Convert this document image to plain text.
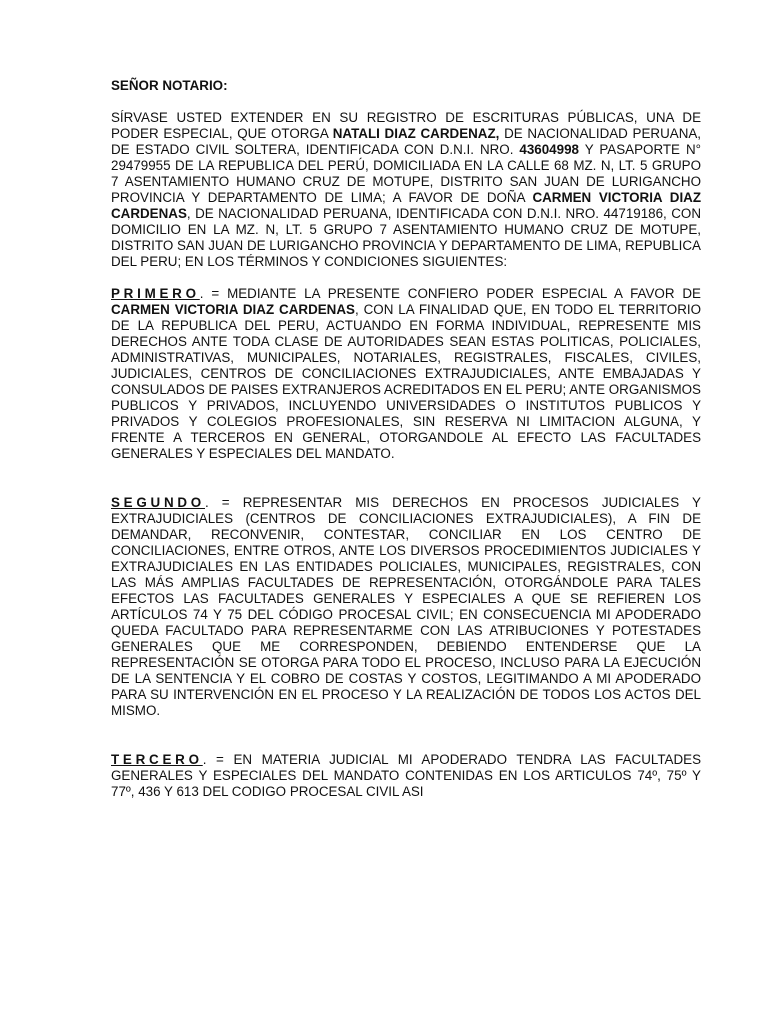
SEÑOR NOTARIO:

SÍRVASE USTED EXTENDER EN SU REGISTRO DE ESCRITURAS PÚBLICAS, UNA DE PODER ESPECIAL, QUE OTORGA NATALI DIAZ CARDENAZ, DE NACIONALIDAD PERUANA, DE ESTADO CIVIL SOLTERA, IDENTIFICADA CON D.N.I. NRO. 43604998 Y PASAPORTE N° 29479955 DE LA REPUBLICA DEL PERÚ, DOMICILIADA EN LA CALLE 68 MZ. N, LT. 5 GRUPO 7 ASENTAMIENTO HUMANO CRUZ DE MOTUPE, DISTRITO SAN JUAN DE LURIGANCHO PROVINCIA Y DEPARTAMENTO DE LIMA; A FAVOR DE DOÑA CARMEN VICTORIA DIAZ CARDENAS, DE NACIONALIDAD PERUANA, IDENTIFICADA CON D.N.I. NRO. 44719186, CON DOMICILIO EN LA MZ. N, LT. 5 GRUPO 7 ASENTAMIENTO HUMANO CRUZ DE MOTUPE, DISTRITO SAN JUAN DE LURIGANCHO PROVINCIA Y DEPARTAMENTO DE LIMA, REPUBLICA DEL PERU; EN LOS TÉRMINOS Y CONDICIONES SIGUIENTES:

PRIMERO. = MEDIANTE LA PRESENTE CONFIERO PODER ESPECIAL A FAVOR DE CARMEN VICTORIA DIAZ CARDENAS, CON LA FINALIDAD QUE, EN TODO EL TERRITORIO DE LA REPUBLICA DEL PERU, ACTUANDO EN FORMA INDIVIDUAL, REPRESENTE MIS DERECHOS ANTE TODA CLASE DE AUTORIDADES SEAN ESTAS POLITICAS, POLICIALES, ADMINISTRATIVAS, MUNICIPALES, NOTARIALES, REGISTRALES, FISCALES, CIVILES, JUDICIALES, CENTROS DE CONCILIACIONES EXTRAJUDICIALES, ANTE EMBAJADAS Y CONSULADOS DE PAISES EXTRANJEROS ACREDITADOS EN EL PERU; ANTE ORGANISMOS PUBLICOS Y PRIVADOS, INCLUYENDO UNIVERSIDADES O INSTITUTOS PUBLICOS Y PRIVADOS Y COLEGIOS PROFESIONALES, SIN RESERVA NI LIMITACION ALGUNA, Y FRENTE A TERCEROS EN GENERAL, OTORGANDOLE AL EFECTO LAS FACULTADES GENERALES Y ESPECIALES DEL MANDATO.

SEGUNDO. = REPRESENTAR MIS DERECHOS EN PROCESOS JUDICIALES Y EXTRAJUDICIALES (CENTROS DE CONCILIACIONES EXTRAJUDICIALES), A FIN DE DEMANDAR, RECONVENIR, CONTESTAR, CONCILIAR EN LOS CENTRO DE CONCILIACIONES, ENTRE OTROS, ANTE LOS DIVERSOS PROCEDIMIENTOS JUDICIALES Y EXTRAJUDICIALES EN LAS ENTIDADES POLICIALES, MUNICIPALES, REGISTRALES, CON LAS MÁS AMPLIAS FACULTADES DE REPRESENTACIÓN, OTORGÁNDOLE PARA TALES EFECTOS LAS FACULTADES GENERALES Y ESPECIALES A QUE SE REFIEREN LOS ARTÍCULOS 74 Y 75 DEL CÓDIGO PROCESAL CIVIL; EN CONSECUENCIA MI APODERADO QUEDA FACULTADO PARA REPRESENTARME CON LAS ATRIBUCIONES Y POTESTADES GENERALES QUE ME CORRESPONDEN, DEBIENDO ENTENDERSE QUE LA REPRESENTACIÓN SE OTORGA PARA TODO EL PROCESO, INCLUSO PARA LA EJECUCIÓN DE LA SENTENCIA Y EL COBRO DE COSTAS Y COSTOS, LEGITIMANDO A MI APODERADO PARA SU INTERVENCIÓN EN EL PROCESO Y LA REALIZACIÓN DE TODOS LOS ACTOS DEL MISMO.

TERCERO. = EN MATERIA JUDICIAL MI APODERADO TENDRA LAS FACULTADES GENERALES Y ESPECIALES DEL MANDATO CONTENIDAS EN LOS ARTICULOS 74º, 75º Y 77º, 436 Y 613 DEL CODIGO PROCESAL CIVIL ASI
